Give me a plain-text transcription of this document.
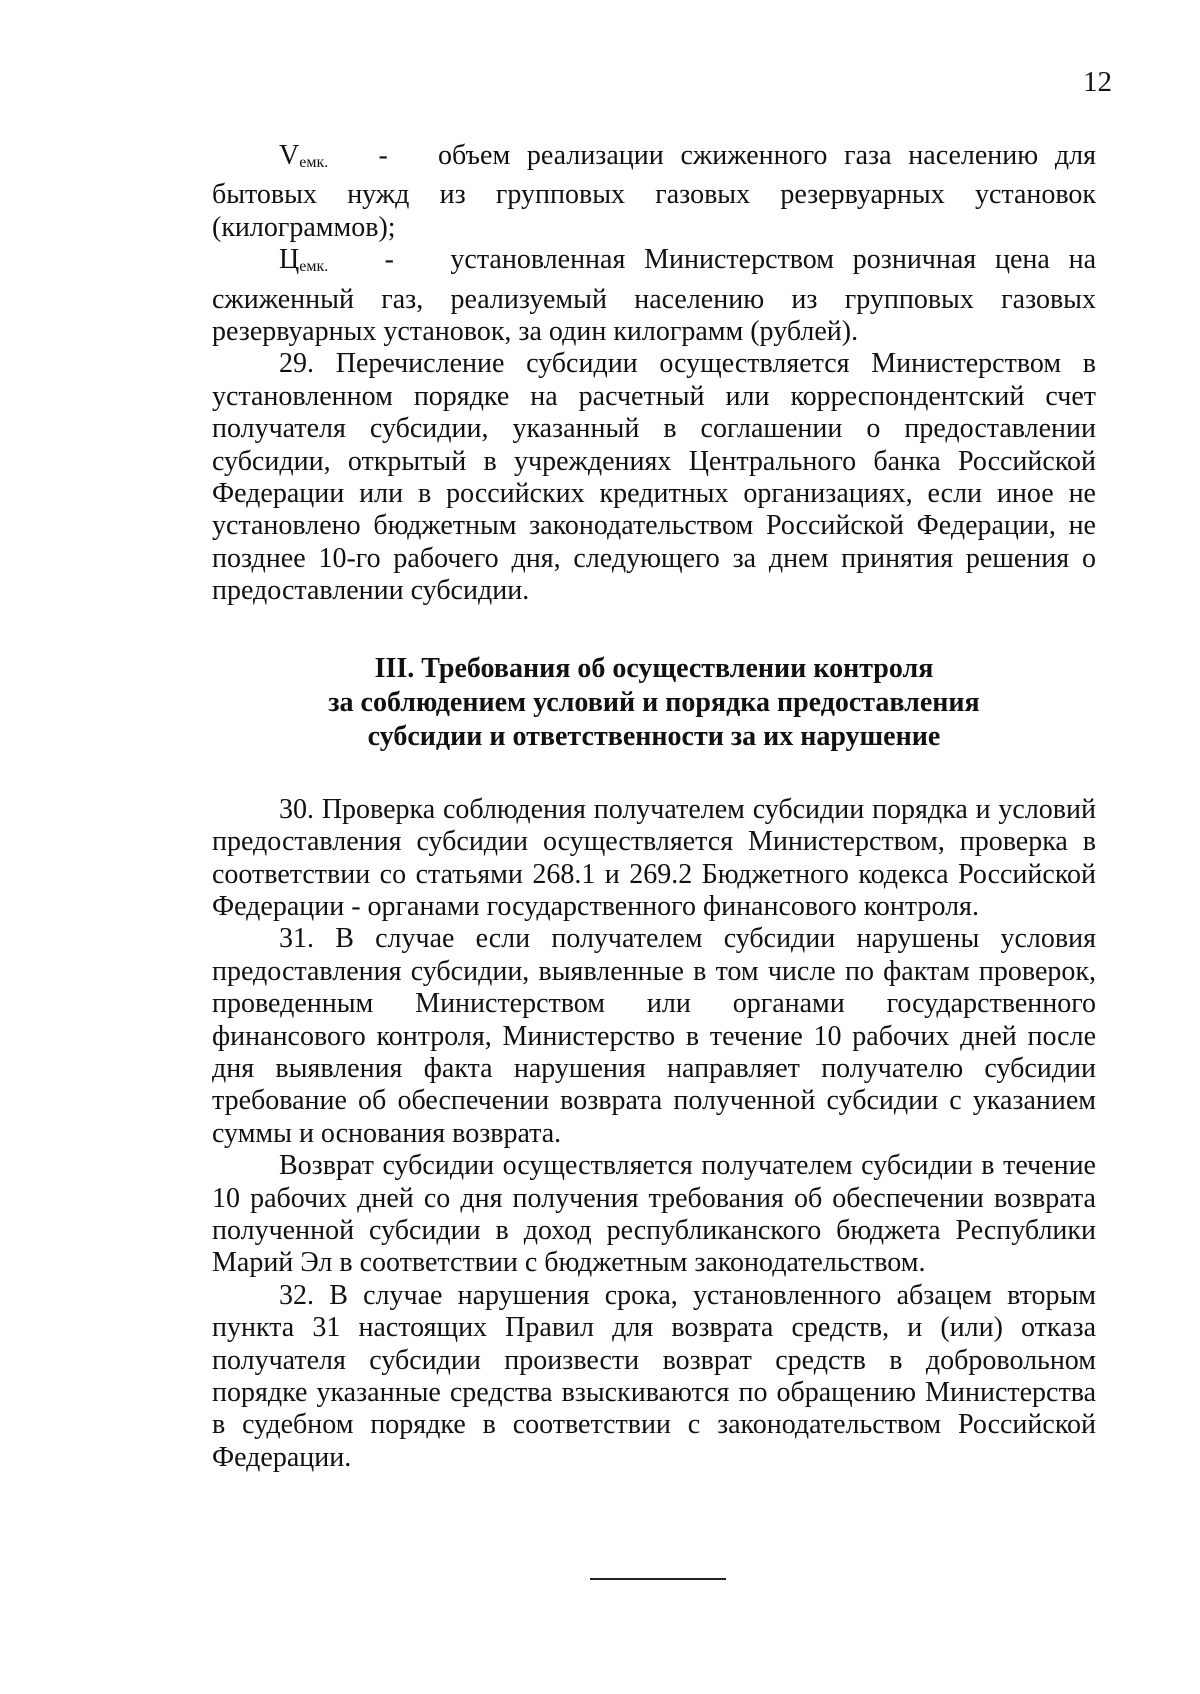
12

Vемк. - объем реализации сжиженного газа населению для бытовых нужд из групповых газовых резервуарных установок (килограммов);

Цемк. - установленная Министерством розничная цена на сжиженный газ, реализуемый населению из групповых газовых резервуарных установок, за один килограмм (рублей).

29. Перечисление субсидии осуществляется Министерством в установленном порядке на расчетный или корреспондентский счет получателя субсидии, указанный в соглашении о предоставлении субсидии, открытый в учреждениях Центрального банка Российской Федерации или в российских кредитных организациях, если иное не установлено бюджетным законодательством Российской Федерации, не позднее 10-го рабочего дня, следующего за днем принятия решения о предоставлении субсидии.

III. Требования об осуществлении контроля
за соблюдением условий и порядка предоставления
субсидии и ответственности за их нарушение

30. Проверка соблюдения получателем субсидии порядка и условий предоставления субсидии осуществляется Министерством, проверка в соответствии со статьями 268.1 и 269.2 Бюджетного кодекса Российской Федерации - органами государственного финансового контроля.

31. В случае если получателем субсидии нарушены условия предоставления субсидии, выявленные в том числе по фактам проверок, проведенным Министерством или органами государственного финансового контроля, Министерство в течение 10 рабочих дней после дня выявления факта нарушения направляет получателю субсидии требование об обеспечении возврата полученной субсидии с указанием суммы и основания возврата.

Возврат субсидии осуществляется получателем субсидии в течение 10 рабочих дней со дня получения требования об обеспечении возврата полученной субсидии в доход республиканского бюджета Республики Марий Эл в соответствии с бюджетным законодательством.

32. В случае нарушения срока, установленного абзацем вторым пункта 31 настоящих Правил для возврата средств, и (или) отказа получателя субсидии произвести возврат средств в добровольном порядке указанные средства взыскиваются по обращению Министерства в судебном порядке в соответствии с законодательством Российской Федерации.
